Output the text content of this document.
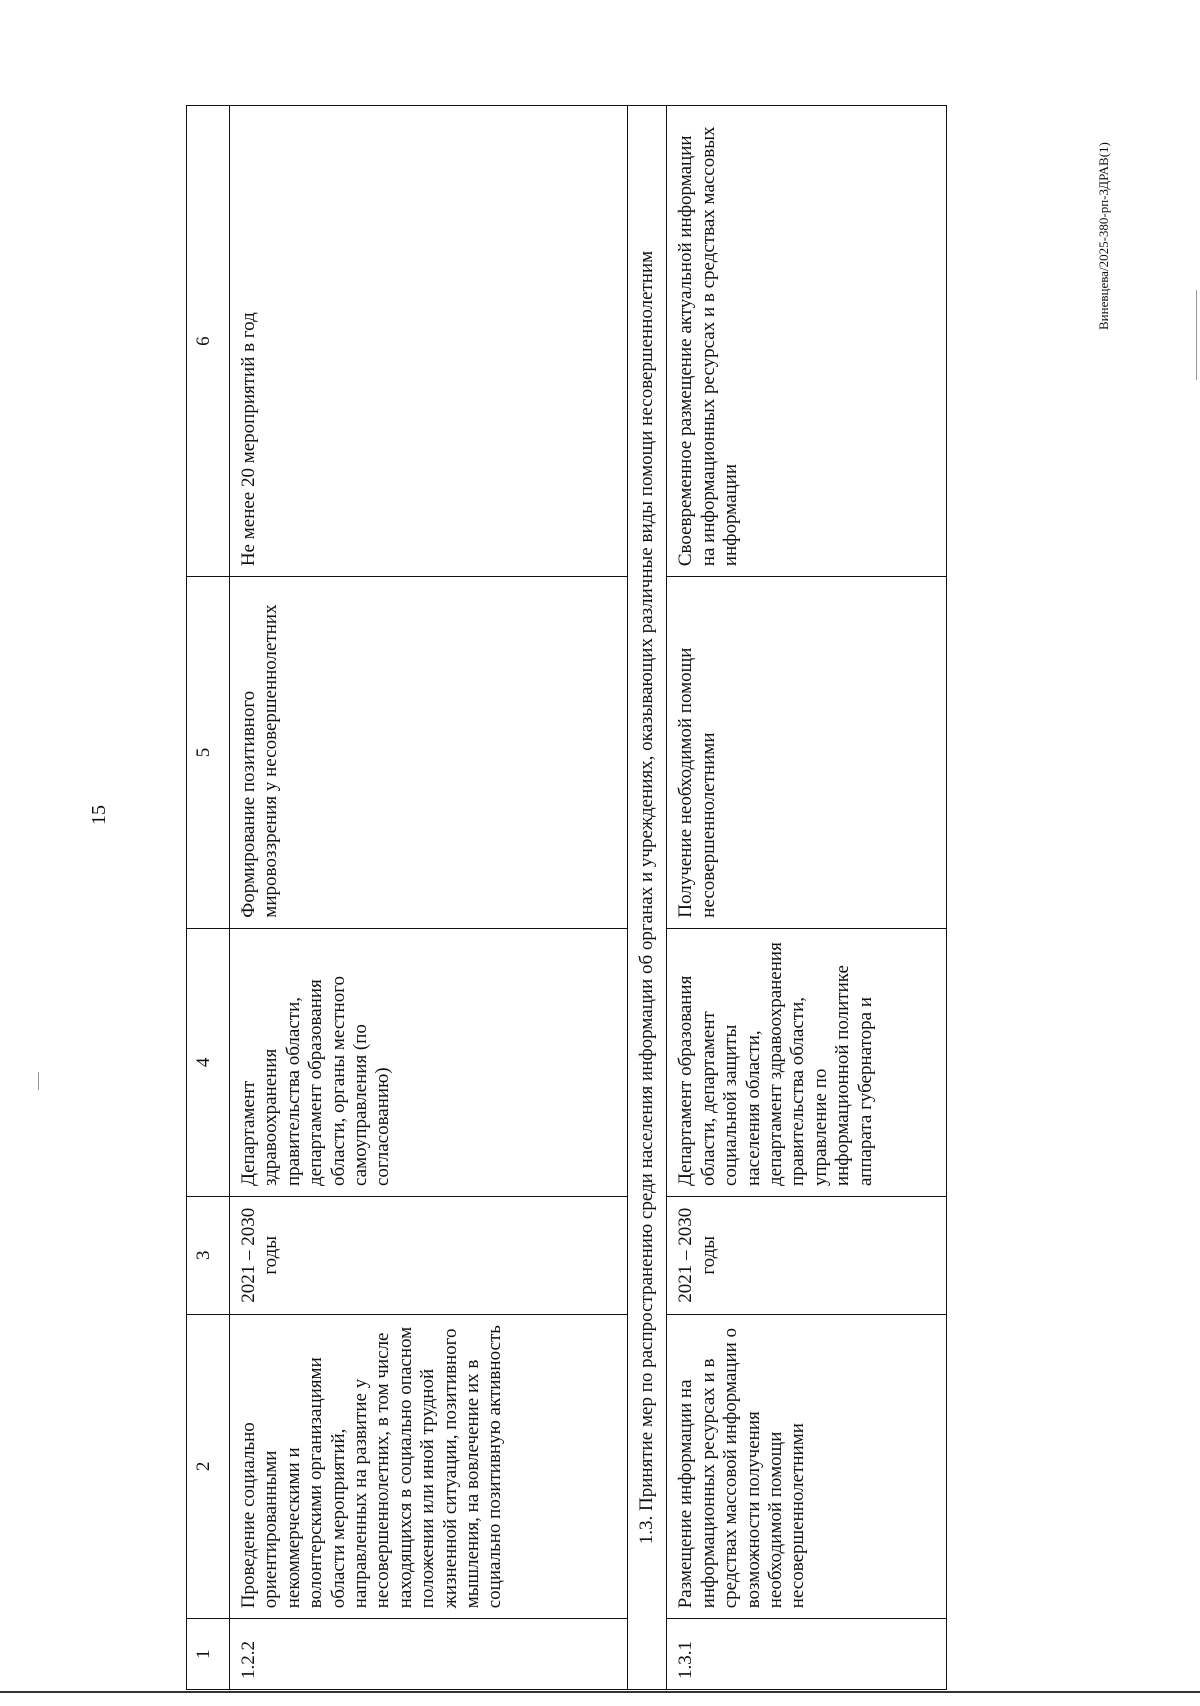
15
1	2	3	4	5	6
1.2.2	Проведение социально ориентированными некоммерческими и волонтерскими организациями области мероприятий, направленных на развитие у несовершеннолетних, в том числе находящихся в социально опасном положении или иной трудной жизненной ситуации, позитивного мышления, на вовлечение их в социально позитивную активность	2021 – 2030 годы	Департамент здравоохранения правительства области, департамент образования области, органы местного самоуправления (по согласованию)	Формирование позитивного мировоззрения у несовершеннолетних	Не менее 20 мероприятий в год
1.3. Принятие мер по распространению среди населения информации об органах и учреждениях, оказывающих различные виды помощи несовершеннолетним					
1.3.1	Размещение информации на информационных ресурсах и в средствах массовой информации о возможности получения необходимой помощи несовершеннолетними	2021 – 2030 годы	Департамент образования области, департамент социальной защиты населения области, департамент здравоохранения правительства области, управление по информационной политике аппарата губернатора и	Получение необходимой помощи несовершеннолетними	Своевременное размещение актуальной информации на информационных ресурсах и в средствах массовых информации
Виневцева/2025-380-рп-ЗДРАВ(1)
